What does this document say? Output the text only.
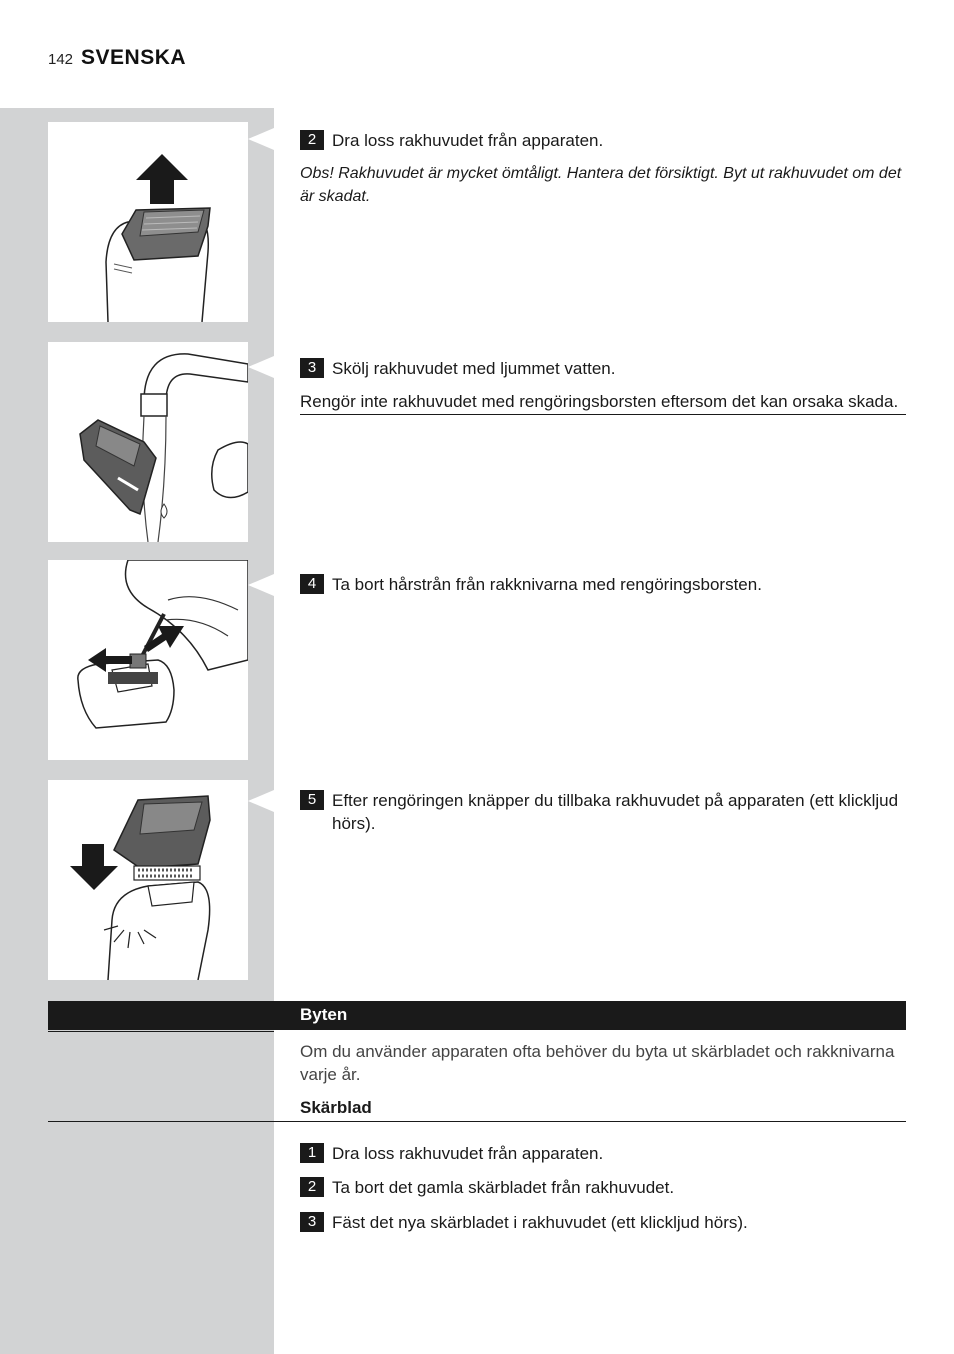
142 SVENSKA
2 Dra loss rakhuvudet från apparaten.
Obs! Rakhuvudet är mycket ömtåligt. Hantera det försiktigt. Byt ut rakhuvudet om det är skadat.
3 Skölj rakhuvudet med ljummet vatten.
Rengör inte rakhuvudet med rengöringsborsten eftersom det kan orsaka skada.
4 Ta bort hårstrån från rakknivarna med rengöringsborsten.
5 Efter rengöringen knäpper du tillbaka rakhuvudet på apparaten (ett klickljud hörs).
Byten
Om du använder apparaten ofta behöver du byta ut skärbladet och rakknivarna varje år.
Skärblad
1 Dra loss rakhuvudet från apparaten.
2 Ta bort det gamla skärbladet från rakhuvudet.
3 Fäst det nya skärbladet i rakhuvudet (ett klickljud hörs).
